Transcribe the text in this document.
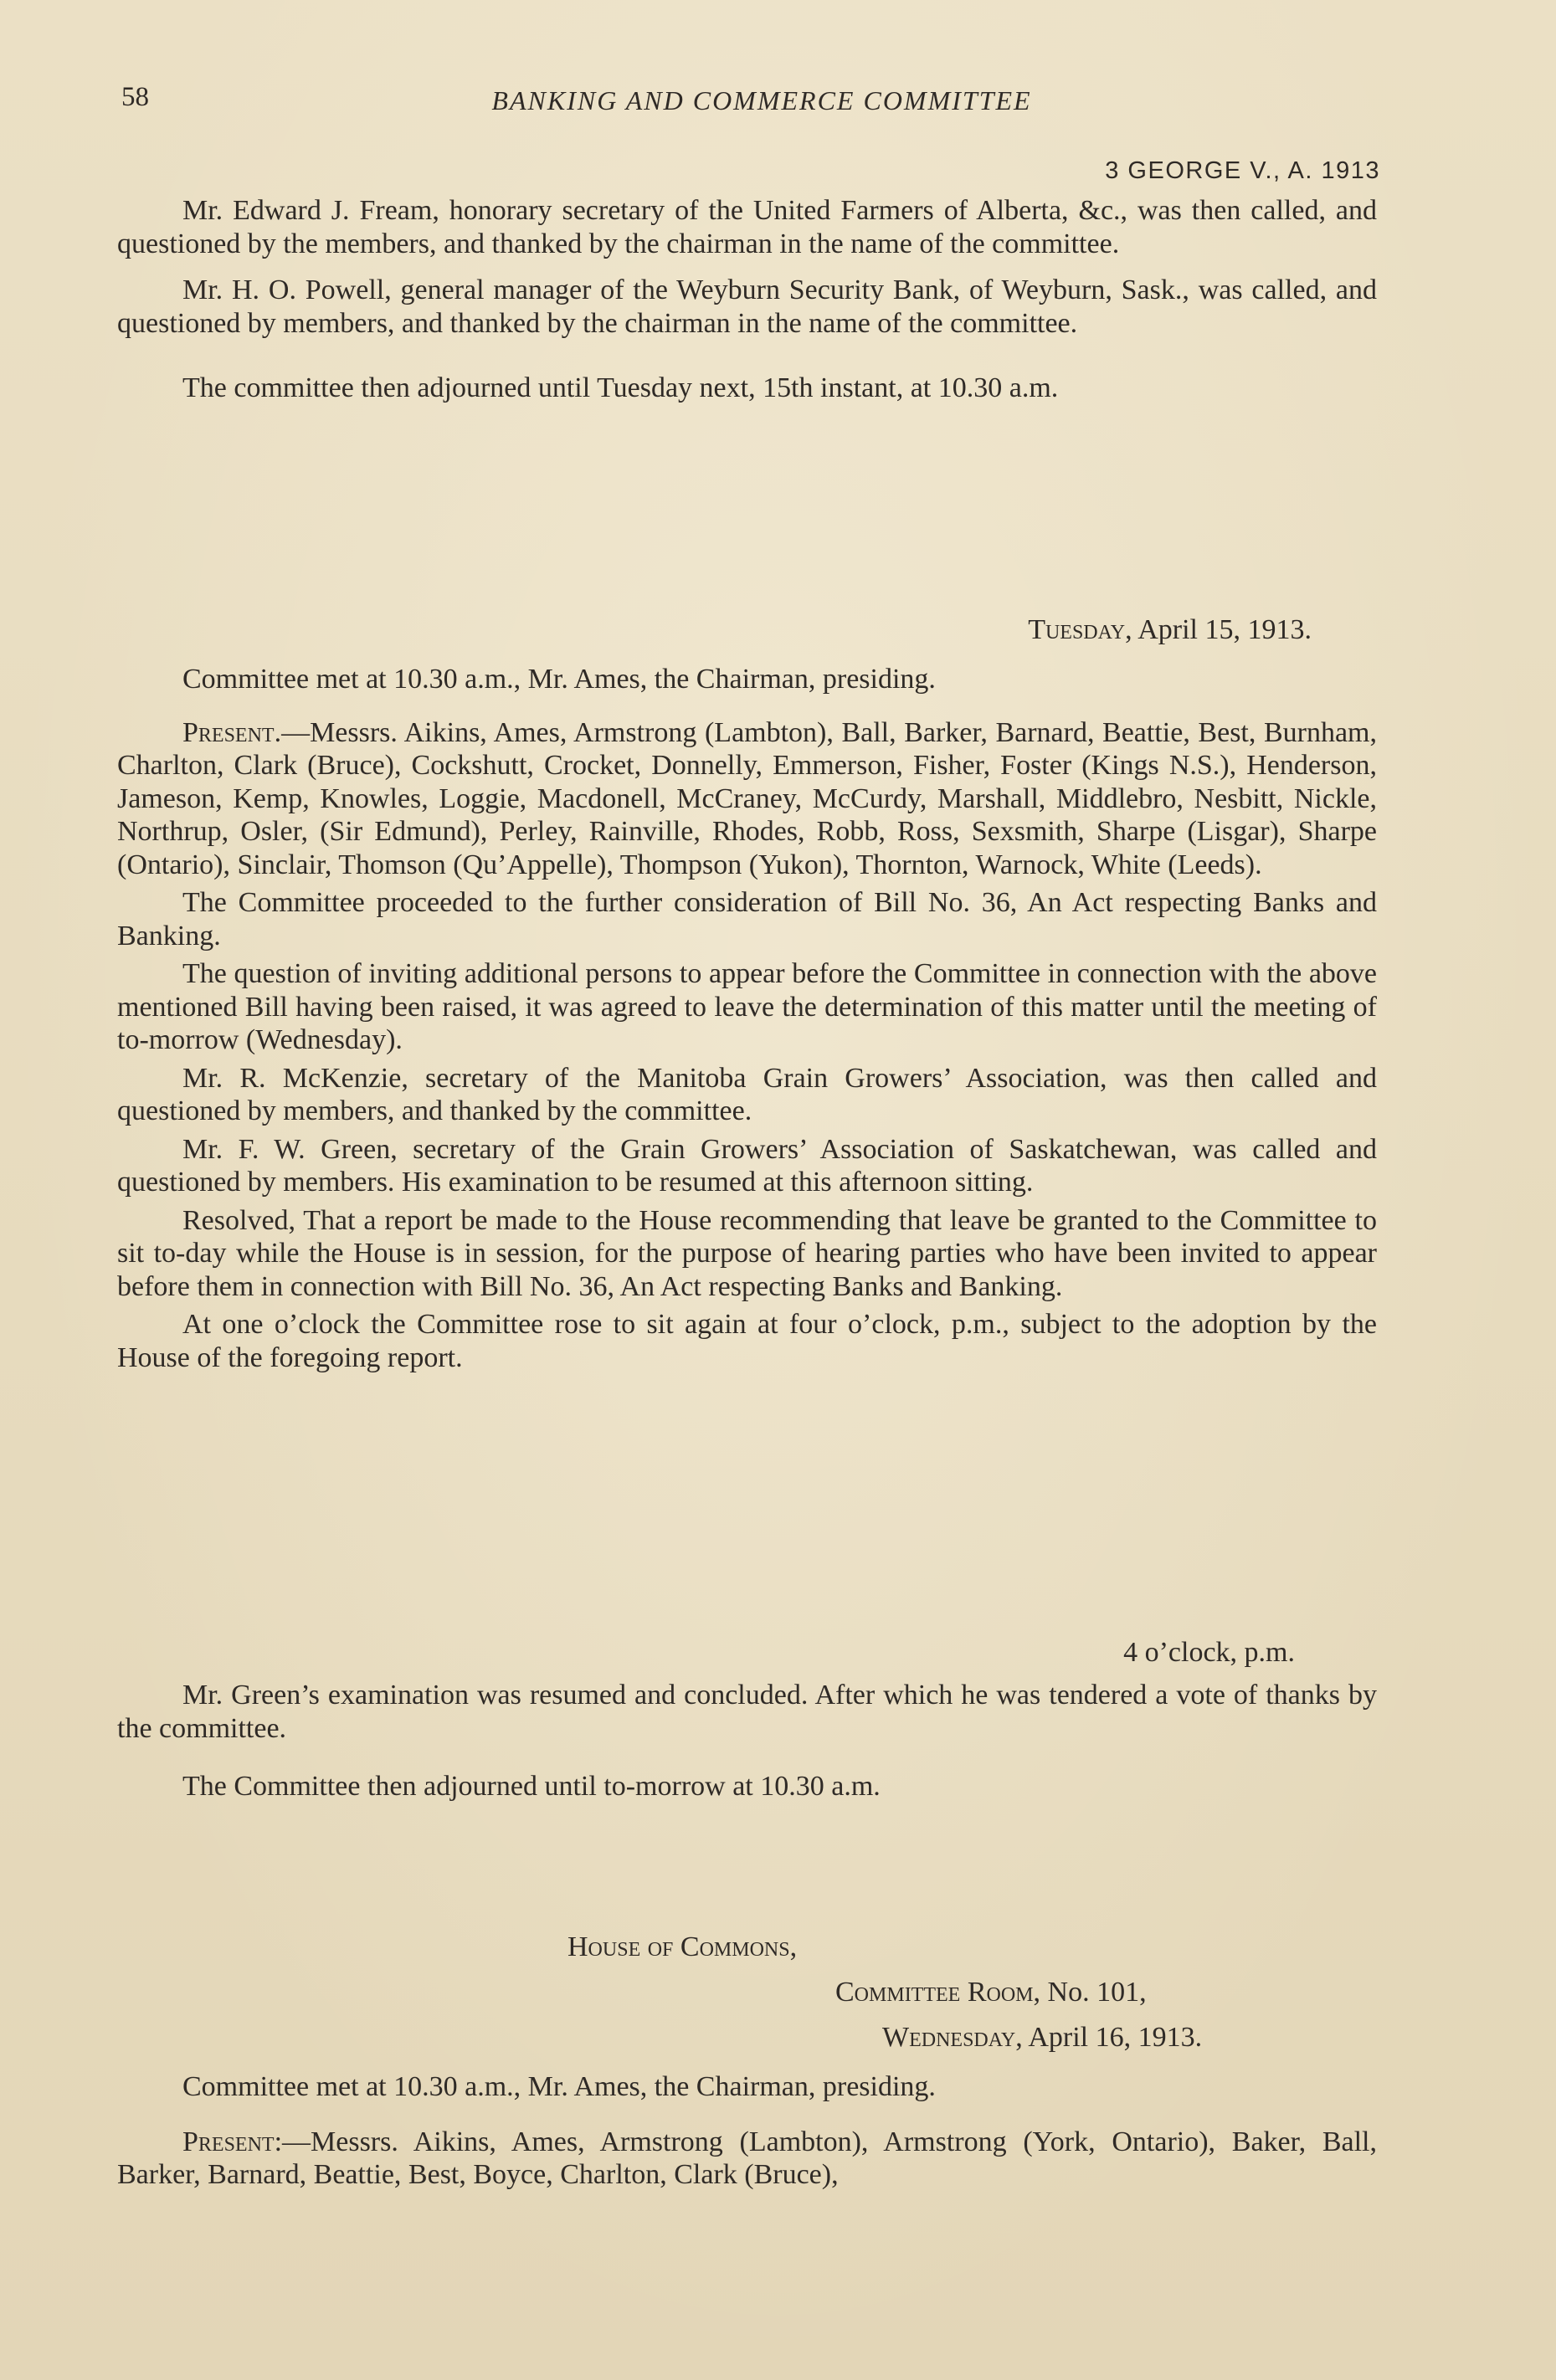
58	BANKING AND COMMERCE COMMITTEE
3 GEORGE V., A. 1913

Mr. Edward J. Fream, honorary secretary of the United Farmers of Alberta, &c., was then called, and questioned by the members, and thanked by the chairman in the name of the committee.

Mr. H. O. Powell, general manager of the Weyburn Security Bank, of Weyburn, Sask., was called, and questioned by members, and thanked by the chairman in the name of the committee.

The committee then adjourned until Tuesday next, 15th instant, at 10.30 a.m.

Tuesday, April 15, 1913.

Committee met at 10.30 a.m., Mr. Ames, the Chairman, presiding.

Present.—Messrs. Aikins, Ames, Armstrong (Lambton), Ball, Barker, Barnard, Beattie, Best, Burnham, Charlton, Clark (Bruce), Cockshutt, Crocket, Donnelly, Emmerson, Fisher, Foster (Kings N.S.), Henderson, Jameson, Kemp, Knowles, Loggie, Macdonell, McCraney, McCurdy, Marshall, Middlebro, Nesbitt, Nickle, Northrup, Osler, (Sir Edmund), Perley, Rainville, Rhodes, Robb, Ross, Sexsmith, Sharpe (Lisgar), Sharpe (Ontario), Sinclair, Thomson (Qu’Appelle), Thompson (Yukon), Thornton, Warnock, White (Leeds).

The Committee proceeded to the further consideration of Bill No. 36, An Act respecting Banks and Banking.

The question of inviting additional persons to appear before the Committee in connection with the above mentioned Bill having been raised, it was agreed to leave the determination of this matter until the meeting of to-morrow (Wednesday).

Mr. R. McKenzie, secretary of the Manitoba Grain Growers’ Association, was then called and questioned by members, and thanked by the committee.

Mr. F. W. Green, secretary of the Grain Growers’ Association of Saskatchewan, was called and questioned by members. His examination to be resumed at this afternoon sitting.

Resolved, That a report be made to the House recommending that leave be granted to the Committee to sit to-day while the House is in session, for the purpose of hearing parties who have been invited to appear before them in connection with Bill No. 36, An Act respecting Banks and Banking.

At one o’clock the Committee rose to sit again at four o’clock, p.m., subject to the adoption by the House of the foregoing report.

4 o’clock, p.m.

Mr. Green’s examination was resumed and concluded. After which he was tendered a vote of thanks by the committee.

The Committee then adjourned until to-morrow at 10.30 a.m.

House of Commons,
Committee Room, No. 101,
Wednesday, April 16, 1913.

Committee met at 10.30 a.m., Mr. Ames, the Chairman, presiding.

Present:—Messrs. Aikins, Ames, Armstrong (Lambton), Armstrong (York, Ontario), Baker, Ball, Barker, Barnard, Beattie, Best, Boyce, Charlton, Clark (Bruce),
